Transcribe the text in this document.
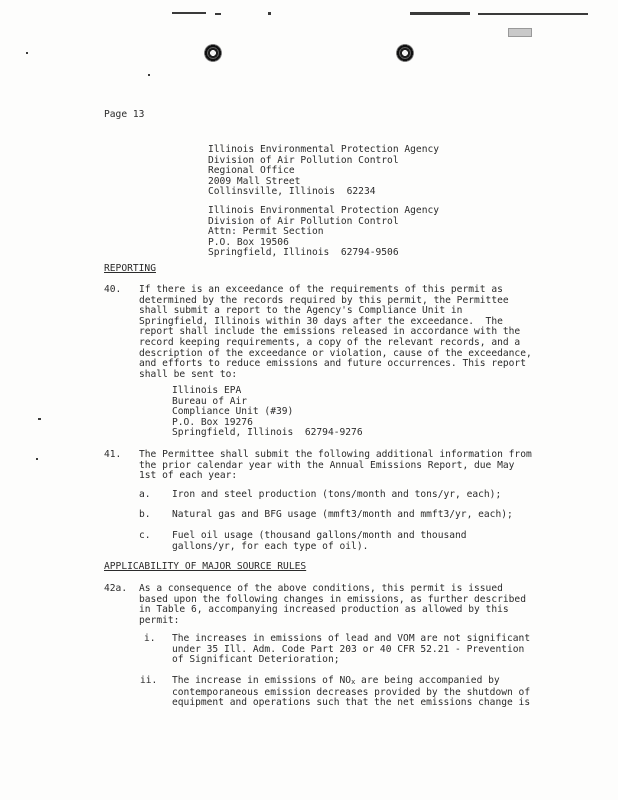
Page 13
Illinois Environmental Protection Agency
Division of Air Pollution Control
Regional Office
2009 Mall Street
Collinsville, Illinois  62234
Illinois Environmental Protection Agency
Division of Air Pollution Control
Attn: Permit Section
P.O. Box 19506
Springfield, Illinois  62794-9506
REPORTING
40. If there is an exceedance of the requirements of this permit as
determined by the records required by this permit, the Permittee
shall submit a report to the Agency's Compliance Unit in
Springfield, Illinois within 30 days after the exceedance.  The
report shall include the emissions released in accordance with the
record keeping requirements, a copy of the relevant records, and a
description of the exceedance or violation, cause of the exceedance,
and efforts to reduce emissions and future occurrences. This report
shall be sent to:
Illinois EPA
Bureau of Air
Compliance Unit (#39)
P.O. Box 19276
Springfield, Illinois  62794-9276
41. The Permittee shall submit the following additional information from
the prior calendar year with the Annual Emissions Report, due May
1st of each year:
a. Iron and steel production (tons/month and tons/yr, each);
b. Natural gas and BFG usage (mmft3/month and mmft3/yr, each);
c. Fuel oil usage (thousand gallons/month and thousand
gallons/yr, for each type of oil).
APPLICABILITY OF MAJOR SOURCE RULES
42a. As a consequence of the above conditions, this permit is issued
based upon the following changes in emissions, as further described
in Table 6, accompanying increased production as allowed by this
permit:
i. The increases in emissions of lead and VOM are not significant
under 35 Ill. Adm. Code Part 203 or 40 CFR 52.21 - Prevention
of Significant Deterioration;
ii. The increase in emissions of $NO_x$ are being accompanied by
contemporaneous emission decreases provided by the shutdown of
equipment and operations such that the net emissions change is
